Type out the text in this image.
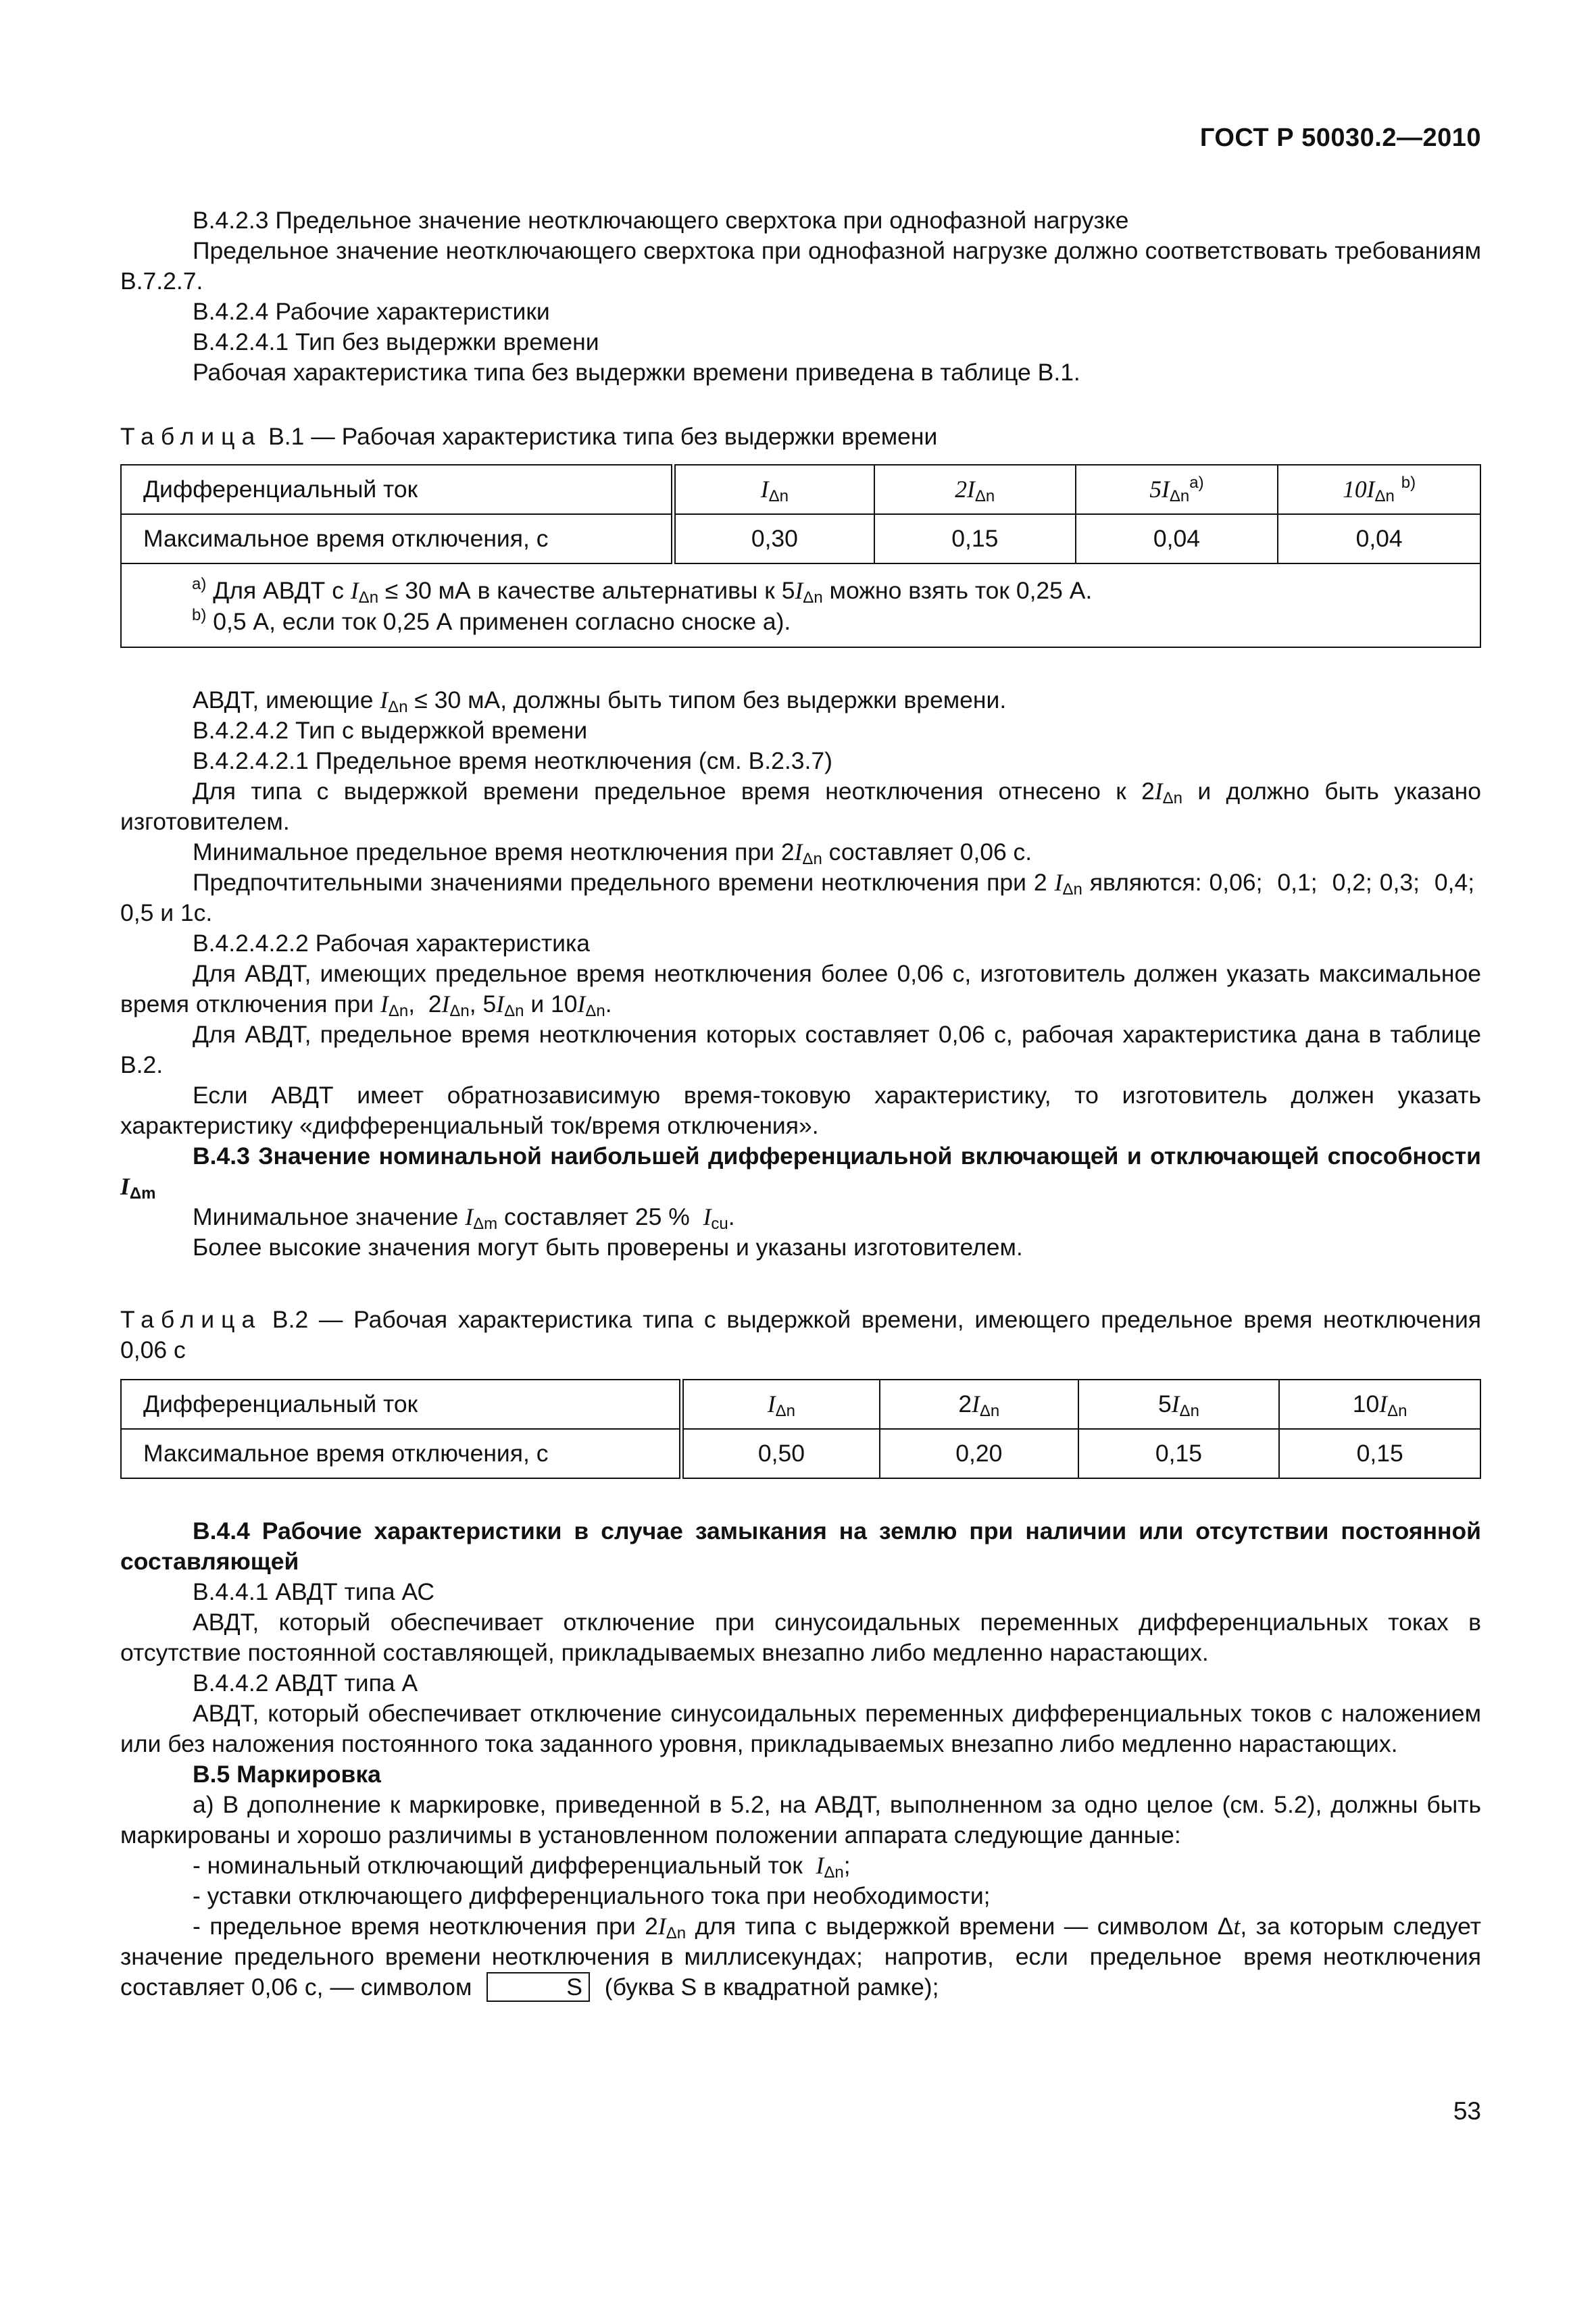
ГОСТ Р 50030.2—2010

В.4.2.3 Предельное значение неотключающего сверхтока при однофазной нагрузке

Предельное значение неотключающего сверхтока при однофазной нагрузке должно соответствовать требованиям В.7.2.7.

В.4.2.4 Рабочие характеристики

В.4.2.4.1 Тип без выдержки времени

Рабочая характеристика типа без выдержки времени приведена в таблице В.1.

Таблица В.1 — Рабочая характеристика типа без выдержки времени

Дифференциальный ток	$I_{\Delta n}$	$2I_{\Delta n}$	$5I_{\Delta n}^{a)}$	$10I_{\Delta n}$ $^{b)}$
Максимальное время отключения, с	0,30	0,15	0,04	0,04

$^{a)}$ Для АВДТ с $I_{\Delta n} \le 30$ мА в качестве альтернативы к $5I_{\Delta n}$ можно взять ток 0,25 А.
$^{b)}$ 0,5 А, если ток 0,25 А применен согласно сноске а).				

АВДТ, имеющие $I_{\Delta n} \le 30$ мА, должны быть типом без выдержки времени.

В.4.2.4.2 Тип с выдержкой времени

В.4.2.4.2.1 Предельное время неотключения (см. В.2.3.7)

Для типа с выдержкой времени предельное время неотключения отнесено к $2I_{\Delta n}$ и должно быть указано изготовителем.

Минимальное предельное время неотключения при $2I_{\Delta n}$ составляет 0,06 с.

Предпочтительными значениями предельного времени неотключения при 2 $I_{\Delta n}$ являются: 0,06;  0,1;  0,2; 0,3;  0,4;  0,5 и 1с.

В.4.2.4.2.2 Рабочая характеристика

Для АВДТ, имеющих предельное время неотключения более 0,06 с, изготовитель должен указать максимальное время отключения при $I_{\Delta n}$,  $2I_{\Delta n}$, $5I_{\Delta n}$ и $10I_{\Delta n}$.

Для АВДТ, предельное время неотключения которых составляет 0,06 с, рабочая характеристика дана в таблице В.2.

Если АВДТ имеет обратнозависимую время-токовую характеристику, то изготовитель должен указать характеристику «дифференциальный ток/время отключения».

В.4.3 Значение номинальной наибольшей дифференциальной включающей и отключающей способности $I_{\Delta m}$

Минимальное значение $I_{\Delta m}$ составляет 25 %  $I_{cu}$.

Более высокие значения могут быть проверены и указаны изготовителем.

Таблица В.2 — Рабочая характеристика типа с выдержкой времени, имеющего предельное время неотключения 0,06 с

Дифференциальный ток	$I_{\Delta n}$	$2I_{\Delta n}$	$5I_{\Delta n}$	$10I_{\Delta n}$
Максимальное время отключения, с	0,50	0,20	0,15	0,15

В.4.4 Рабочие характеристики в случае замыкания на землю при наличии или отсутствии постоянной составляющей

В.4.4.1 АВДТ типа АС

АВДТ, который обеспечивает отключение при синусоидальных переменных дифференциальных токах в отсутствие постоянной составляющей, прикладываемых внезапно либо медленно нарастающих.

В.4.4.2 АВДТ типа А

АВДТ, который обеспечивает отключение синусоидальных переменных дифференциальных токов с наложением или без наложения постоянного тока заданного уровня, прикладываемых внезапно либо медленно нарастающих.

В.5 Маркировка

а) В дополнение к маркировке, приведенной в 5.2, на АВДТ, выполненном за одно целое (см. 5.2), должны быть маркированы и хорошо различимы в установленном положении аппарата следующие данные:

- номинальный отключающий дифференциальный ток  $I_{\Delta n}$;

- уставки отключающего дифференциального тока при необходимости;

- предельное время неотключения при $2I_{\Delta n}$ для типа с выдержкой времени — символом Δt, за которым следует значение предельного времени неотключения в миллисекундах;  напротив,  если  предельное  время неотключения составляет 0,06 с, — символом	S (буква S в квадратной рамке);

53
